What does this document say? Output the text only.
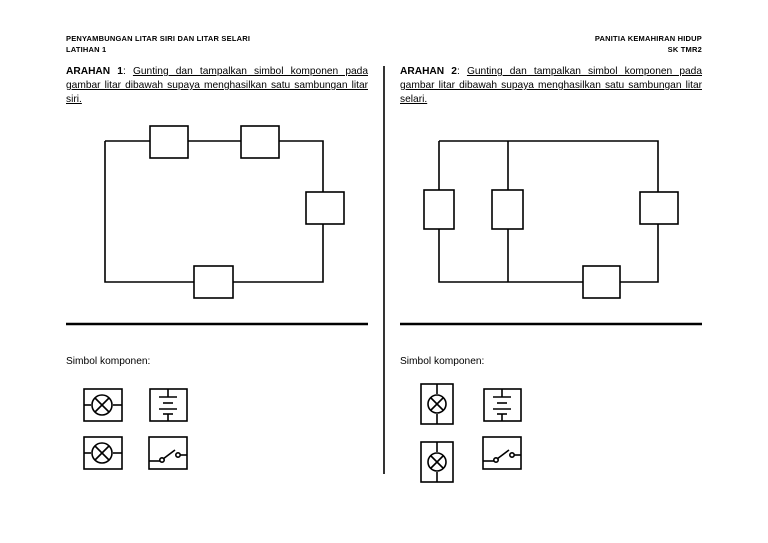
PENYAMBUNGAN LITAR SIRI DAN LITAR SELARI
LATIHAN 1
PANITIA KEMAHIRAN HIDUP
SK TMR2
ARAHAN 1: Gunting dan tampalkan simbol komponen pada gambar litar dibawah supaya menghasilkan satu sambungan litar siri.
ARAHAN 2: Gunting dan tampalkan simbol komponen pada gambar litar dibawah supaya menghasilkan satu sambungan litar selari.
Simbol komponen:	Simbol komponen:
